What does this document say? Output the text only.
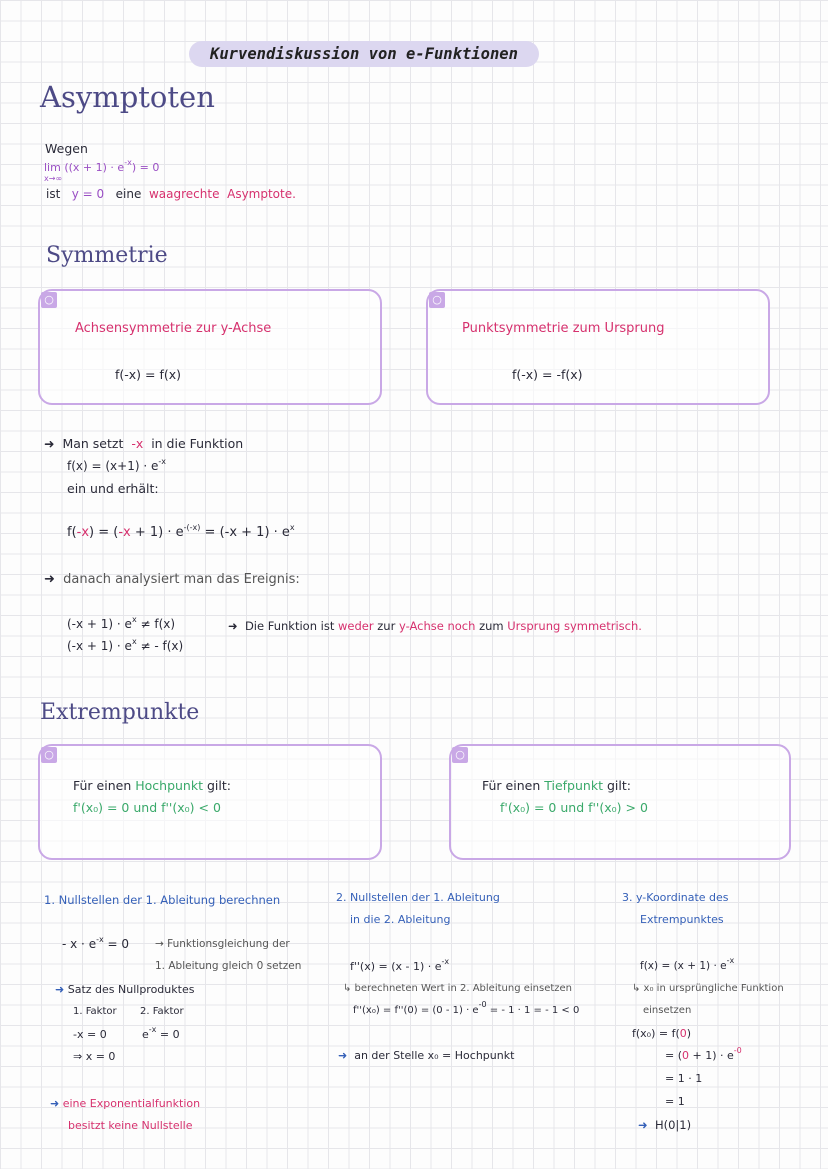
Kurvendiskussion von e-Funktionen
Asymptoten
Wegen
$\lim ((x + 1) \cdot e^{-x}) = 0$
x→∞
ist y = 0 eine waagrechte Asymptote.
Symmetrie
○
Achsensymmetrie zur y-Achse
f(-x) = f(x)
○
Punktsymmetrie zum Ursprung
f(-x) = -f(x)
➜ Man setzt -x in die Funktion
$f(x) = (x+1) \cdot e^{-x}$
ein und erhält:
$f(-x) = (-x + 1) \cdot e^{-(-x)} = (-x + 1) \cdot e^x$
➜ danach analysiert man das Ereignis:
$(-x + 1) \cdot e^x \ne f(x)$
$(-x + 1) \cdot e^x$ ≠ - f(x)
➜ Die Funktion ist weder zur y-Achse noch zum Ursprung symmetrisch.
Extrempunkte
○
Für einen Hochpunkt gilt:
f'(x₀) = 0 und f''(x₀) < 0
○
Für einen Tiefpunkt gilt:
f'(x₀) = 0 und f''(x₀) > 0
1. Nullstellen der 1. Ableitung berechnen
- $x \cdot e^{-x} = 0$ → Funktionsgleichung der
1. Ableitung gleich 0 setzen
➜ Satz des Nullproduktes
1. Faktor 2. Faktor
-x = 0	$e^{-x} = 0$
⇒ x = 0
➜ eine Exponentialfunktion
besitzt keine Nullstelle
2. Nullstellen der 1. Ableitung
in die 2. Ableitung
$f''(x) = (x - 1) \cdot e^{-x}$
↳ berechneten Wert in 2. Ableitung einsetzen
$f''(x_0) = f''(0) = (0 - 1) \cdot e^{-0}$ = - 1 · 1 = - 1 < 0
➜ an der Stelle x₀ = Hochpunkt
3. y-Koordinate des
Extrempunktes
$f(x) = (x + 1) \cdot e^{-x}$
↳ x₀ in ursprüngliche Funktion
einsetzen
f(x₀) = f(0)
= $(0 + 1) \cdot e^{-0}$
= 1 · 1
= 1
➜ H(0|1)
